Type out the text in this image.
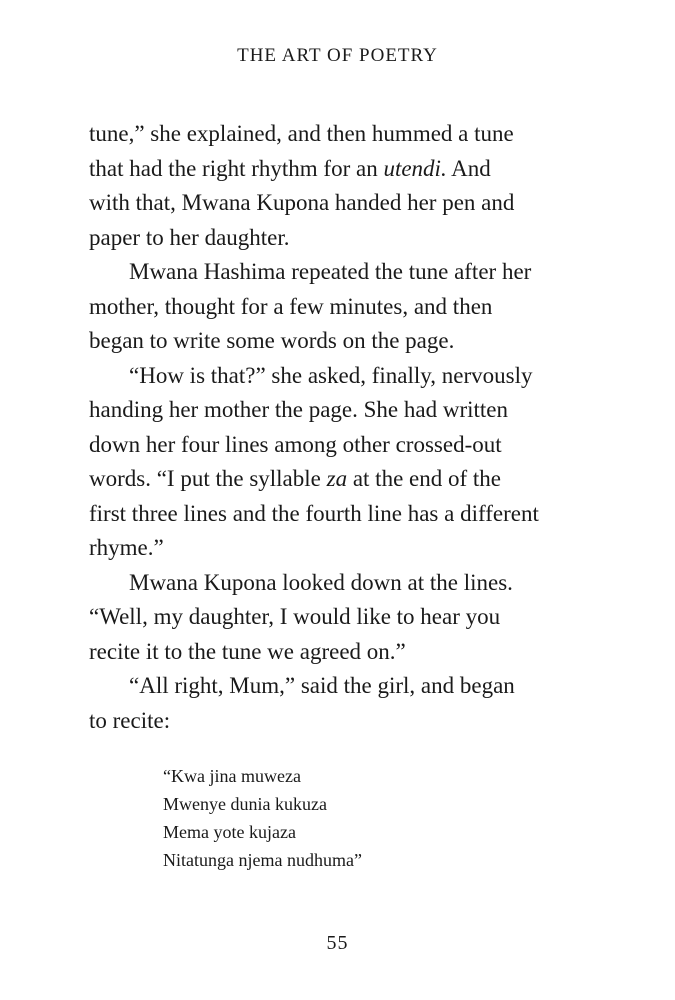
THE ART OF POETRY
tune,” she explained, and then hummed a tune
that had the right rhythm for an utendi. And
with that, Mwana Kupona handed her pen and
paper to her daughter.
Mwana Hashima repeated the tune after her
mother, thought for a few minutes, and then
began to write some words on the page.
“How is that?” she asked, finally, nervously
handing her mother the page. She had written
down her four lines among other crossed-out
words. “I put the syllable za at the end of the
first three lines and the fourth line has a different
rhyme.”
Mwana Kupona looked down at the lines.
“Well, my daughter, I would like to hear you
recite it to the tune we agreed on.”
“All right, Mum,” said the girl, and began
to recite:
“Kwa jina muweza
Mwenye dunia kukuza
Mema yote kujaza
Nitatunga njema nudhuma”
55
